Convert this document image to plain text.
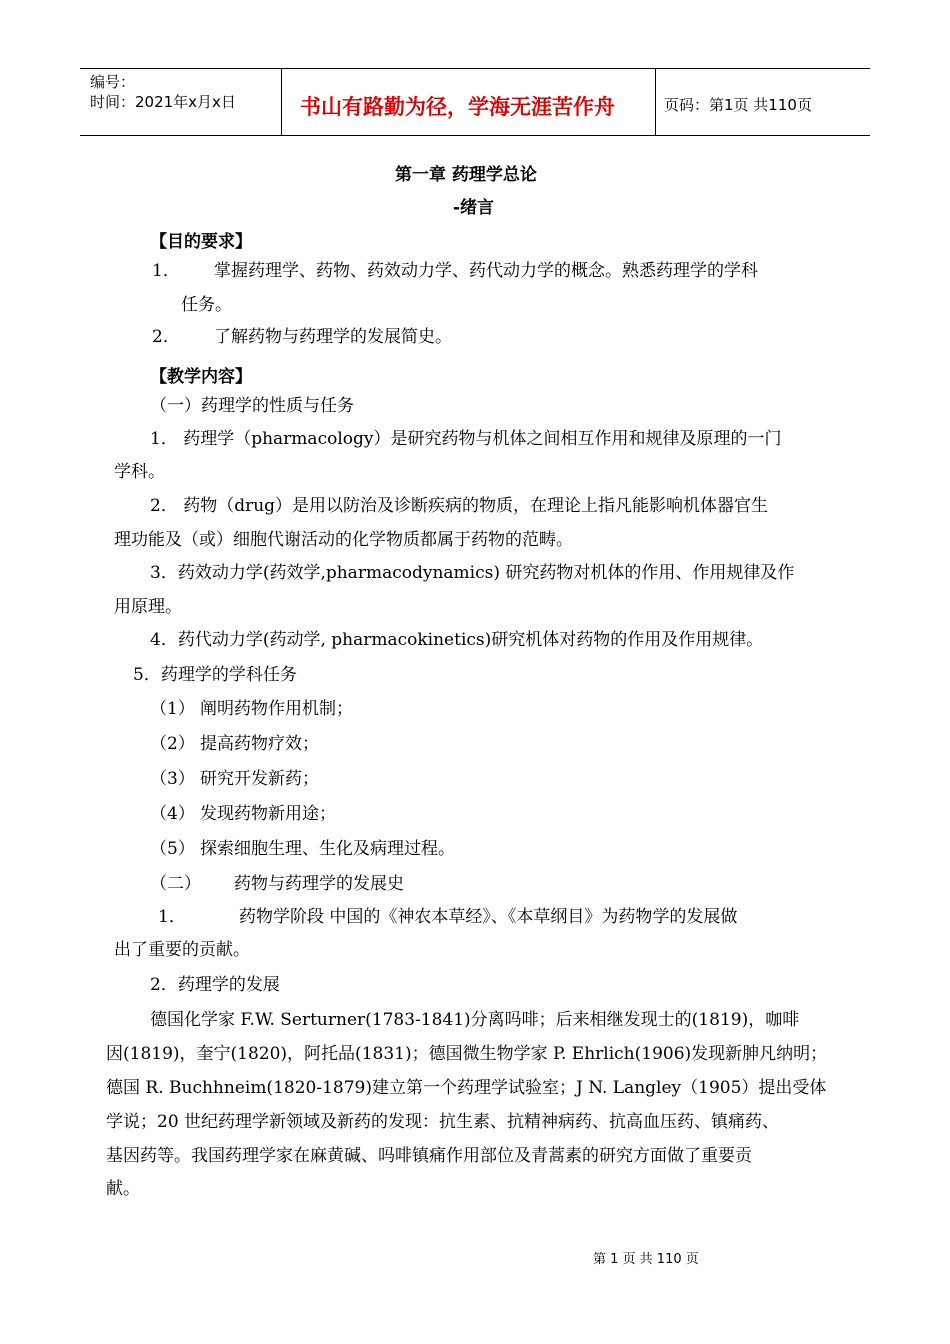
编号：
时间：2021年x月x日	书山有路勤为径，学海无涯苦作舟	页码：第1页 共110页
第一章 药理学总论
-绪言
【目的要求】
1． 掌握药理学、药物、药效动力学、药代动力学的概念。熟悉药理学的学科
任务。
2． 了解药物与药理学的发展简史。
【教学内容】
（一）药理学的性质与任务
1． 药理学（pharmacology）是研究药物与机体之间相互作用和规律及原理的一门
学科。
2． 药物（drug）是用以防治及诊断疾病的物质，在理论上指凡能影响机体器官生
理功能及（或）细胞代谢活动的化学物质都属于药物的范畴。
3．药效动力学(药效学,pharmacodynamics) 研究药物对机体的作用、作用规律及作
用原理。
4．药代动力学(药动学, pharmacokinetics)研究机体对药物的作用及作用规律。
5．药理学的学科任务
（1） 阐明药物作用机制；
（2） 提高药物疗效；
（3） 研究开发新药；
（4） 发现药物新用途；
（5） 探索细胞生理、生化及病理过程。
（二） 药物与药理学的发展史
1．	药物学阶段 中国的《神农本草经》、《本草纲目》为药物学的发展做
出了重要的贡献。
2．药理学的发展
德国化学家 F.W. Serturner(1783-1841)分离吗啡；后来相继发现士的(1819)，咖啡
因(1819)，奎宁(1820)，阿托品(1831)；德国微生物学家 P. Ehrlich(1906)发现新胂凡纳明；
德国 R. Buchhneim(1820-1879)建立第一个药理学试验室；J N. Langley（1905）提出受体
学说；20 世纪药理学新领域及新药的发现：抗生素、抗精神病药、抗高血压药、镇痛药、
基因药等。我国药理学家在麻黄碱、吗啡镇痛作用部位及青蒿素的研究方面做了重要贡
献。
第 1 页 共 110 页
